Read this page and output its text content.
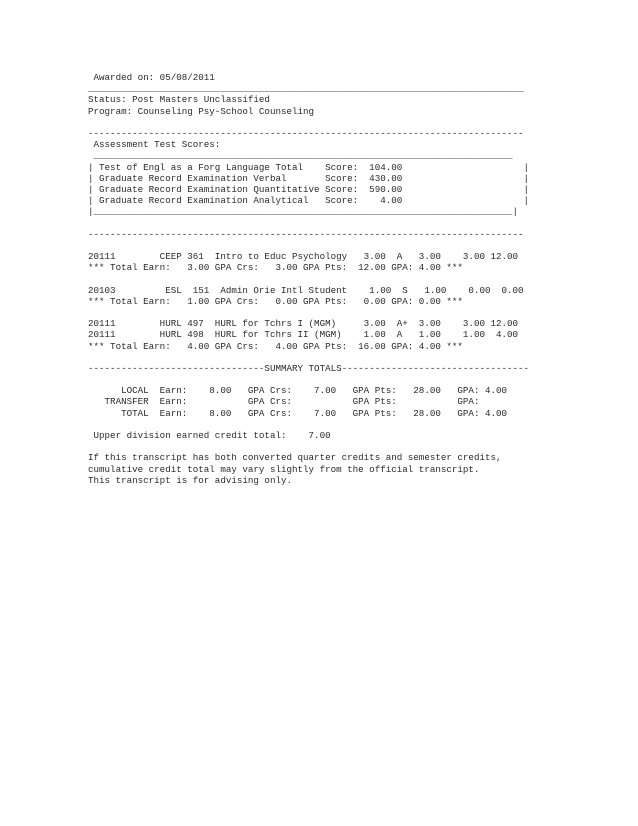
Awarded on: 05/08/2011
_______________________________________________________________________________
Status: Post Masters Unclassified
Program: Counseling Psy-School Counseling
-------------------------------------------------------------------------------
Assessment Test Scores:
____________________________________________________________________________
| Test of Engl as a Forg Language Total    Score:  104.00                      |
| Graduate Record Examination Verbal       Score:  430.00                      |
| Graduate Record Examination Quantitative Score:  590.00                      |
| Graduate Record Examination Analytical   Score:    4.00                      |
|____________________________________________________________________________|
-------------------------------------------------------------------------------
20111        CEEP 361  Intro to Educ Psychology   3.00  A   3.00    3.00 12.00
*** Total Earn:   3.00 GPA Crs:   3.00 GPA Pts:  12.00 GPA: 4.00 ***
20103         ESL  151  Admin Orie Intl Student    1.00  S   1.00    0.00  0.00
*** Total Earn:   1.00 GPA Crs:   0.00 GPA Pts:   0.00 GPA: 0.00 ***
20111        HURL 497  HURL for Tchrs I (MGM)     3.00  A+  3.00    3.00 12.00
20111        HURL 498  HURL for Tchrs II (MGM)    1.00  A   1.00    1.00  4.00
*** Total Earn:   4.00 GPA Crs:   4.00 GPA Pts:  16.00 GPA: 4.00 ***
--------------------------------SUMMARY TOTALS----------------------------------
LOCAL  Earn:    8.00   GPA Crs:    7.00   GPA Pts:   28.00   GPA: 4.00
TRANSFER  Earn:           GPA Crs:           GPA Pts:           GPA:
TOTAL  Earn:    8.00   GPA Crs:    7.00   GPA Pts:   28.00   GPA: 4.00
Upper division earned credit total:    7.00
If this transcript has both converted quarter credits and semester credits,
cumulative credit total may vary slightly from the official transcript.
This transcript is for advising only.
